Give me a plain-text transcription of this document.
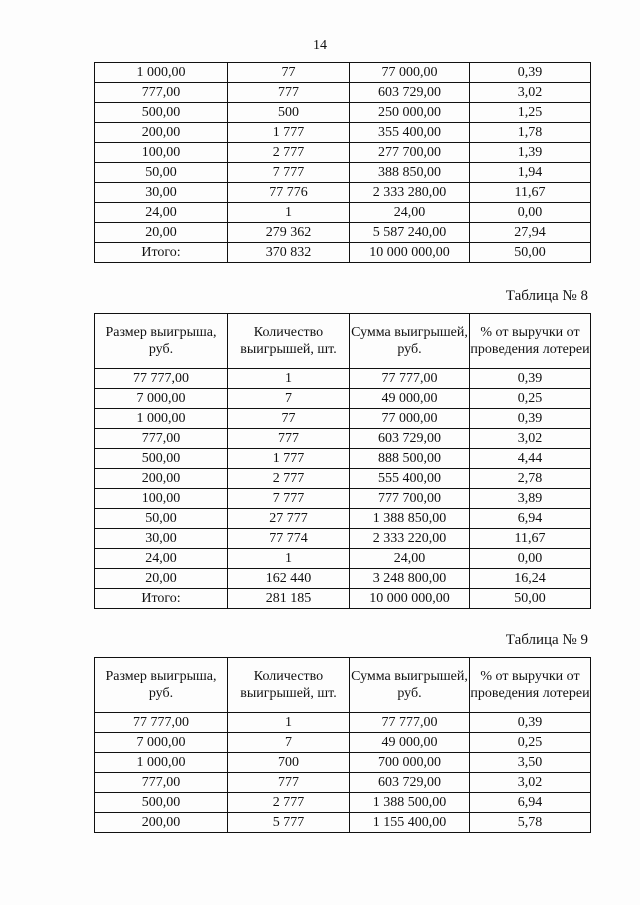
14
1 000,00	77	77 000,00	0,39
777,00	777	603 729,00	3,02
500,00	500	250 000,00	1,25
200,00	1 777	355 400,00	1,78
100,00	2 777	277 700,00	1,39
50,00	7 777	388 850,00	1,94
30,00	77 776	2 333 280,00	11,67
24,00	1	24,00	0,00
20,00	279 362	5 587 240,00	27,94
Итого:	370 832	10 000 000,00	50,00
Таблица № 8
Размер выигрыша, руб.	Количество выигрышей, шт.	Сумма выигрышей, руб.	% от выручки от проведения лотереи
77 777,00	1	77 777,00	0,39
7 000,00	7	49 000,00	0,25
1 000,00	77	77 000,00	0,39
777,00	777	603 729,00	3,02
500,00	1 777	888 500,00	4,44
200,00	2 777	555 400,00	2,78
100,00	7 777	777 700,00	3,89
50,00	27 777	1 388 850,00	6,94
30,00	77 774	2 333 220,00	11,67
24,00	1	24,00	0,00
20,00	162 440	3 248 800,00	16,24
Итого:	281 185	10 000 000,00	50,00
Таблица № 9
Размер выигрыша, руб.	Количество выигрышей, шт.	Сумма выигрышей, руб.	% от выручки от проведения лотереи
77 777,00	1	77 777,00	0,39
7 000,00	7	49 000,00	0,25
1 000,00	700	700 000,00	3,50
777,00	777	603 729,00	3,02
500,00	2 777	1 388 500,00	6,94
200,00	5 777	1 155 400,00	5,78
